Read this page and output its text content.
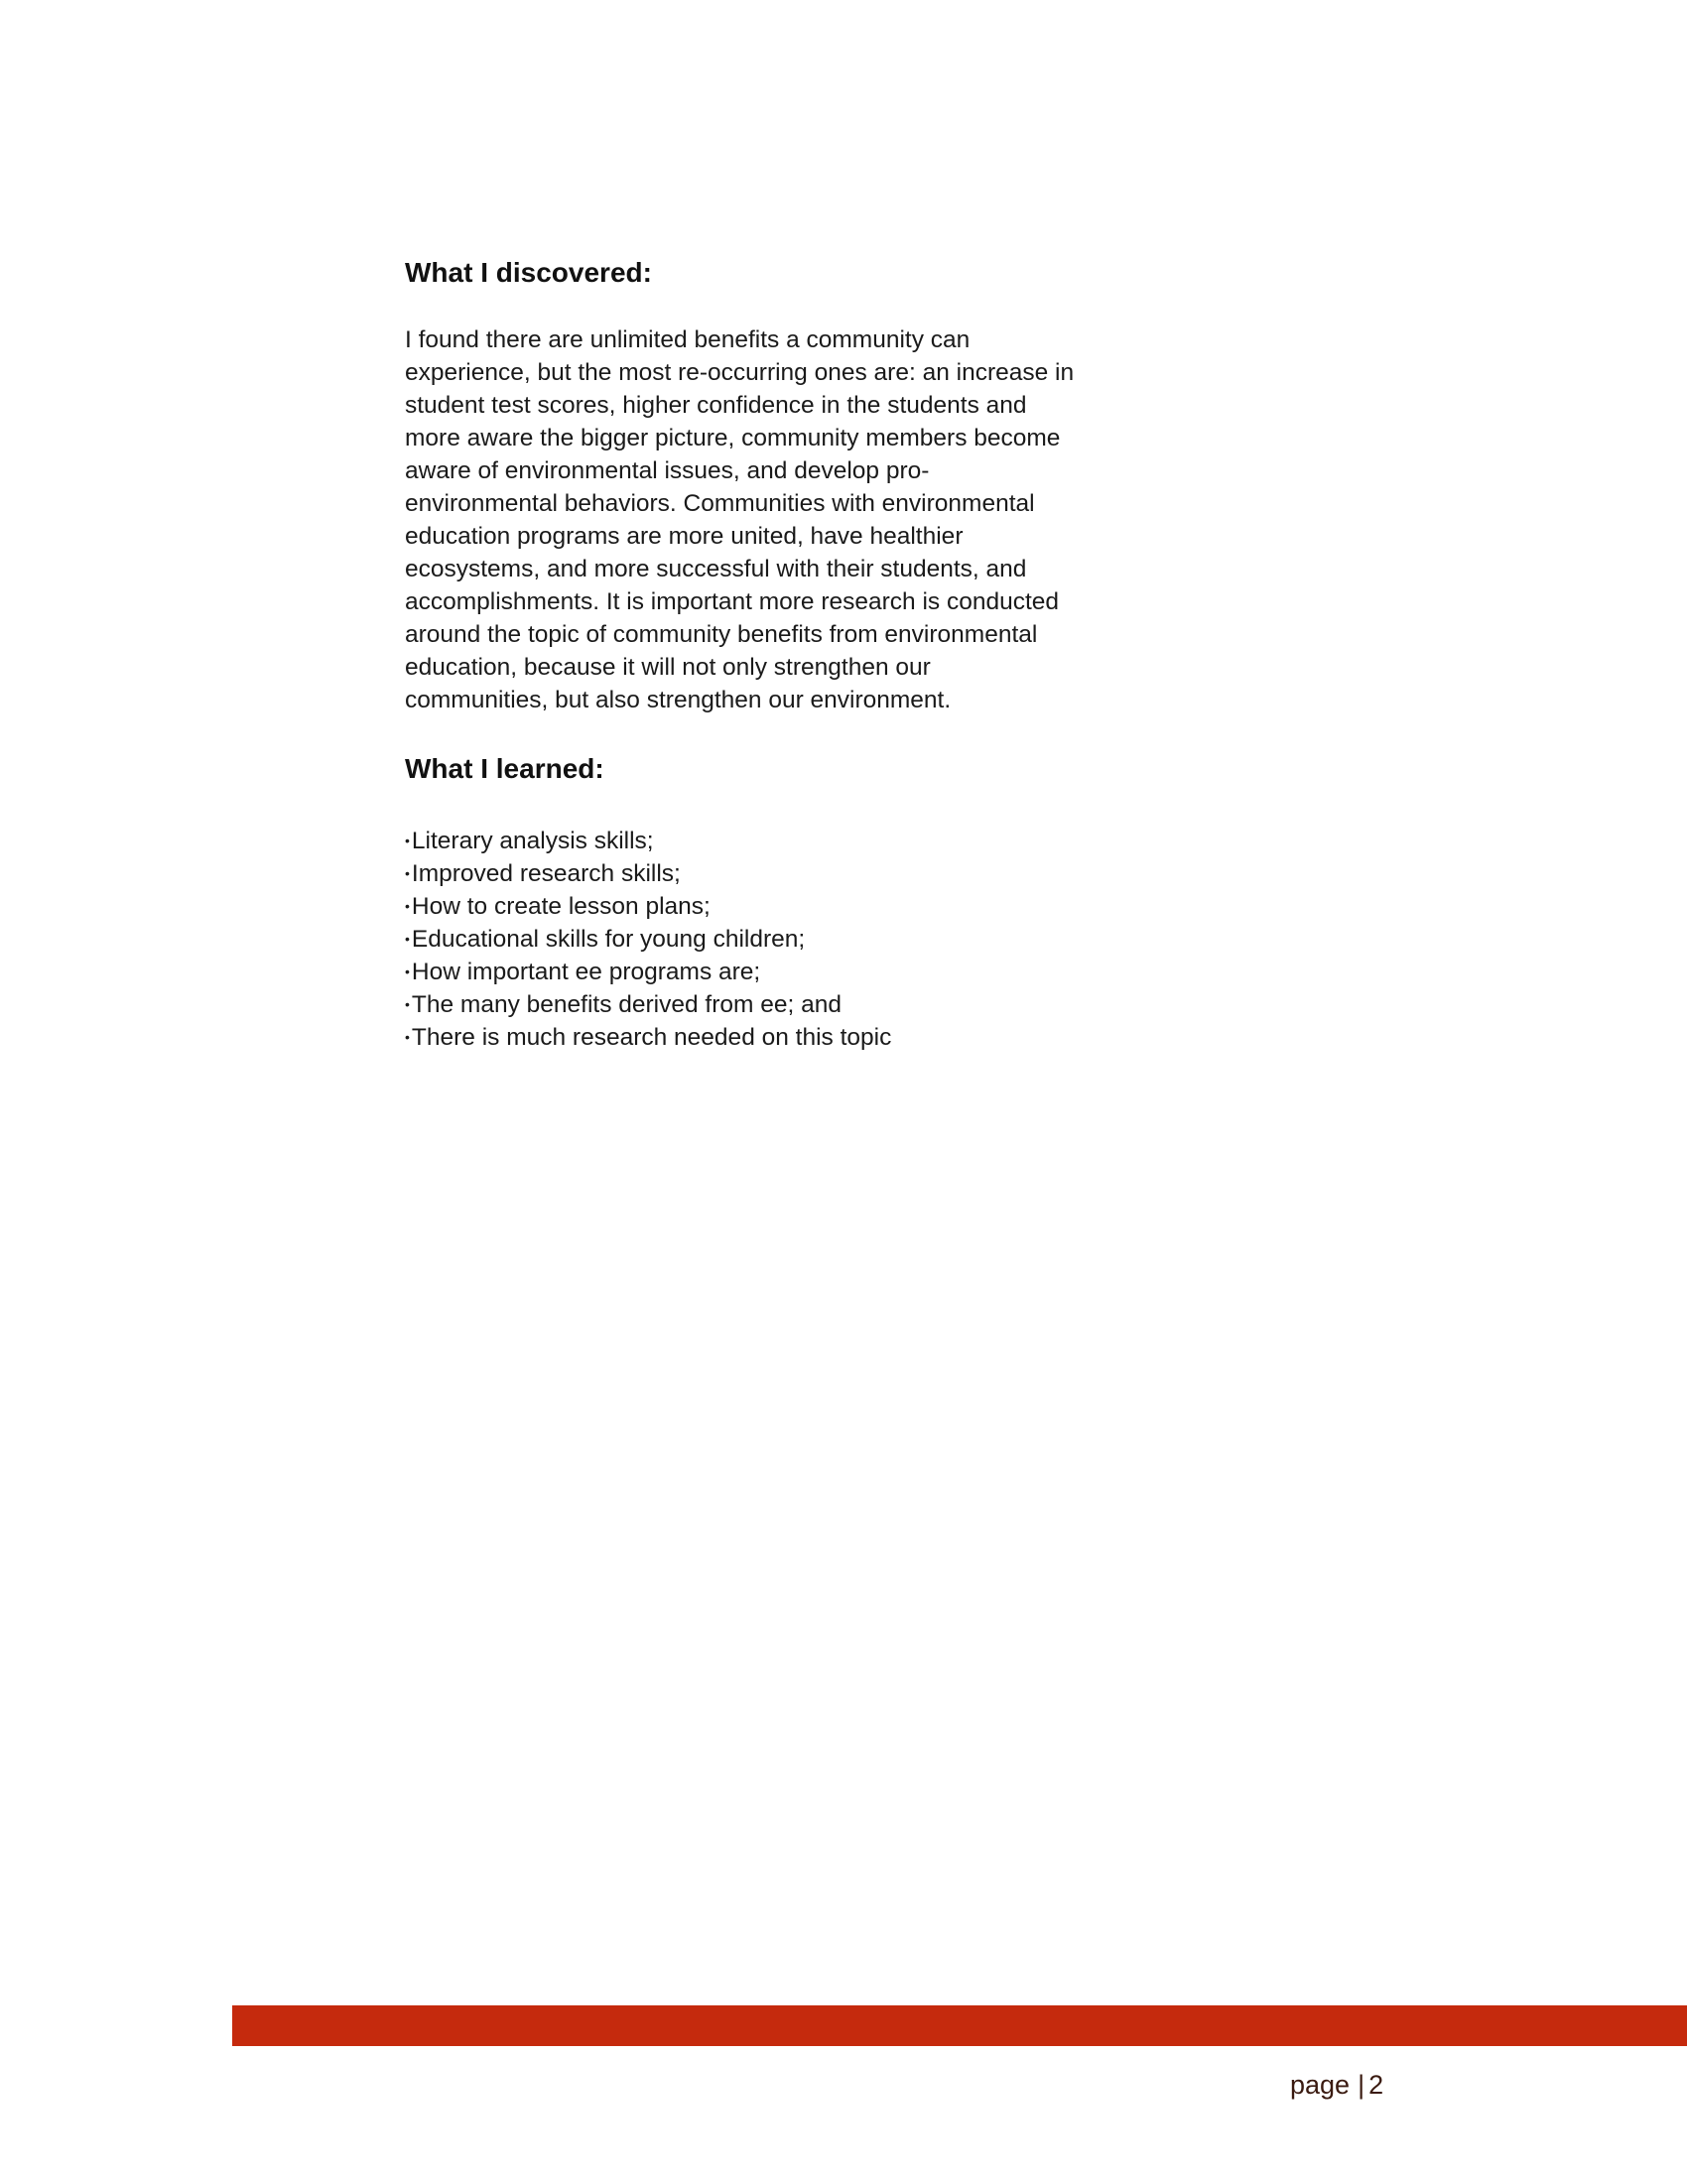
What I discovered:

I found there are unlimited benefits a community can experience, but the most re-occurring ones are: an increase in student test scores, higher confidence in the students and more aware the bigger picture, community members become aware of environmental issues, and develop pro-environmental behaviors. Communities with environmental education programs are more united, have healthier ecosystems, and more successful with their students, and accomplishments. It is important more research is conducted around the topic of community benefits from environmental education, because it will not only strengthen our communities, but also strengthen our environment.

What I learned:
•Literary analysis skills;
•Improved research skills;
•How to create lesson plans;
•Educational skills for young children;
•How important ee programs are;
•The many benefits derived from ee; and
•There is much research needed on this topic
page | 2
